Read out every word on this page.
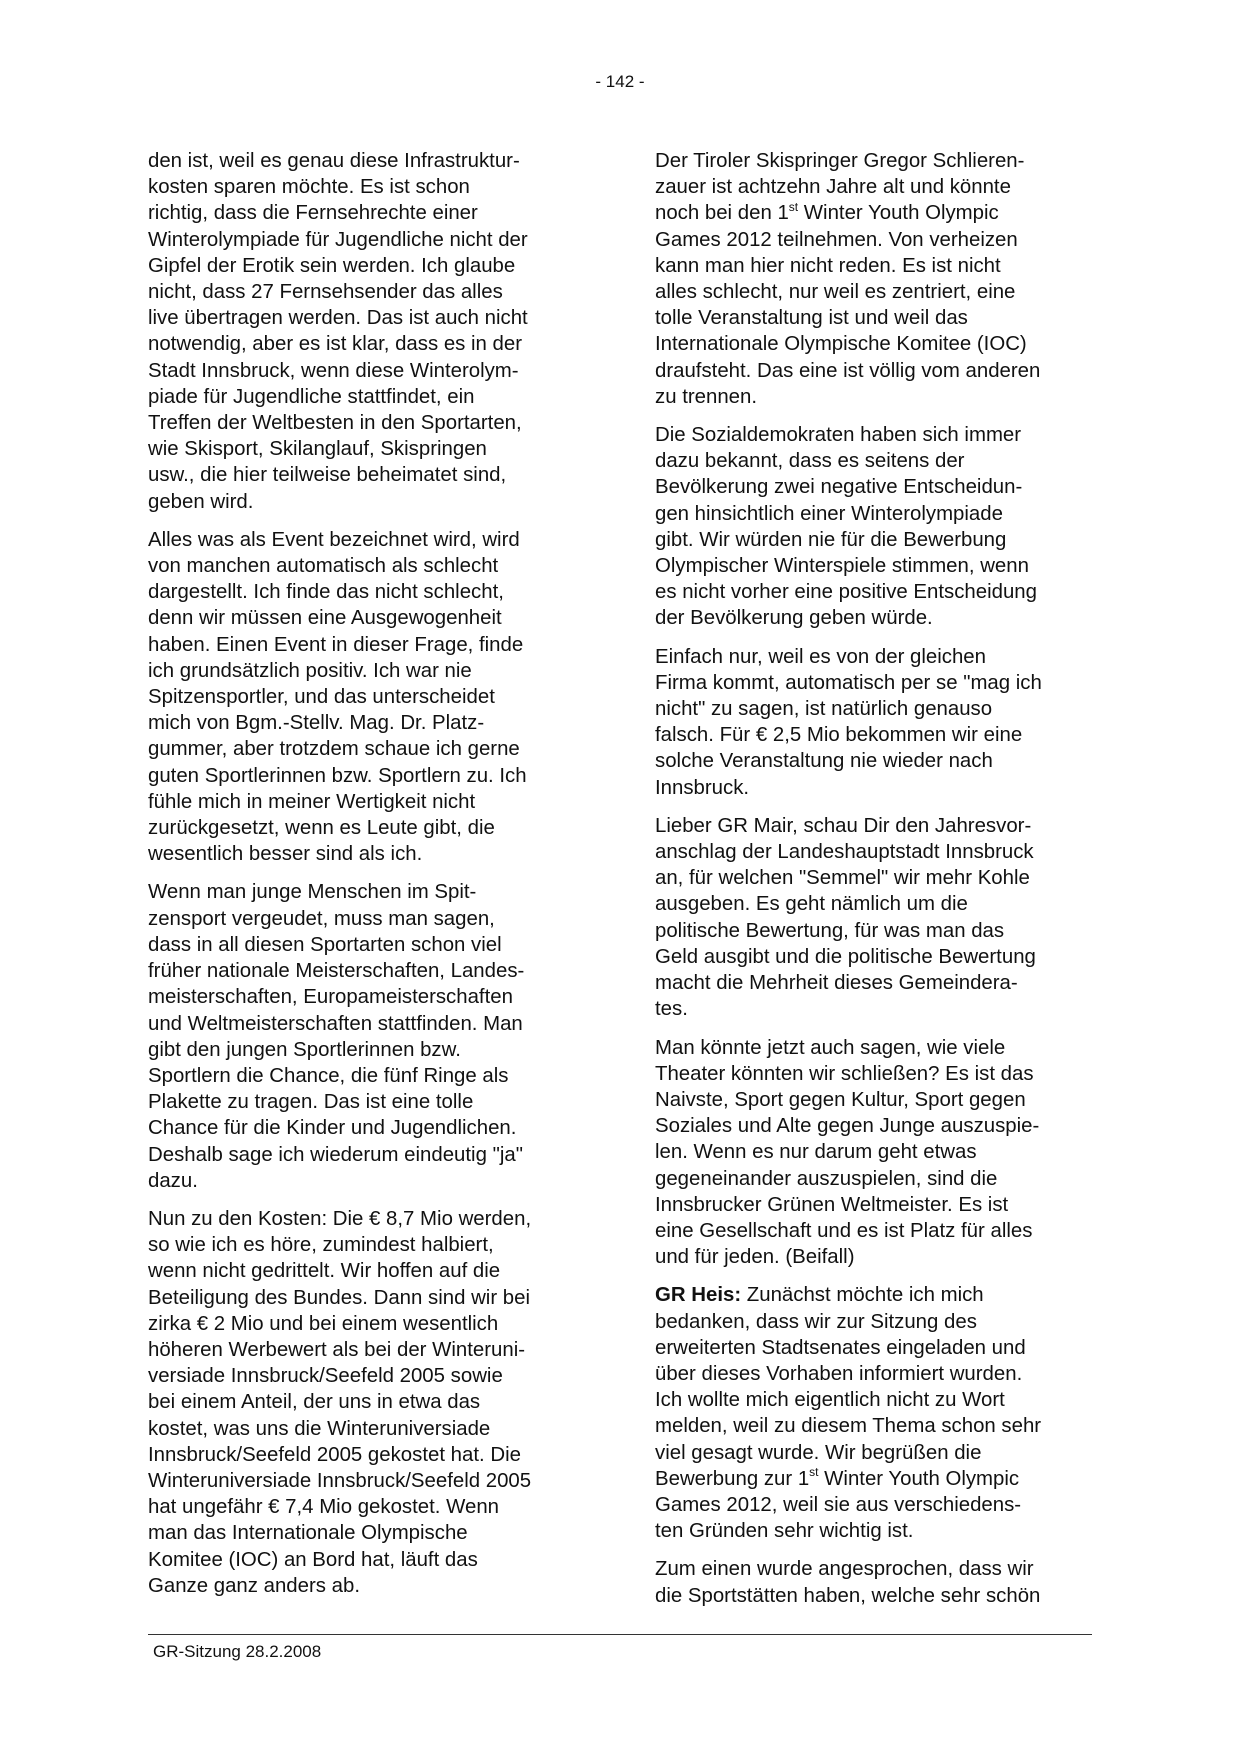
- 142 -

den ist, weil es genau diese Infrastruktur-
kosten sparen möchte. Es ist schon
richtig, dass die Fernsehrechte einer
Winterolympiade für Jugendliche nicht der
Gipfel der Erotik sein werden. Ich glaube
nicht, dass 27 Fernsehsender das alles
live übertragen werden. Das ist auch nicht
notwendig, aber es ist klar, dass es in der
Stadt Innsbruck, wenn diese Winterolym-
piade für Jugendliche stattfindet, ein
Treffen der Weltbesten in den Sportarten,
wie Skisport, Skilanglauf, Skispringen
usw., die hier teilweise beheimatet sind,
geben wird.

Alles was als Event bezeichnet wird, wird
von manchen automatisch als schlecht
dargestellt. Ich finde das nicht schlecht,
denn wir müssen eine Ausgewogenheit
haben. Einen Event in dieser Frage, finde
ich grundsätzlich positiv. Ich war nie
Spitzensportler, und das unterscheidet
mich von Bgm.-Stellv. Mag. Dr. Platz-
gummer, aber trotzdem schaue ich gerne
guten Sportlerinnen bzw. Sportlern zu. Ich
fühle mich in meiner Wertigkeit nicht
zurückgesetzt, wenn es Leute gibt, die
wesentlich besser sind als ich.

Wenn man junge Menschen im Spit-
zensport vergeudet, muss man sagen,
dass in all diesen Sportarten schon viel
früher nationale Meisterschaften, Landes-
meisterschaften, Europameisterschaften
und Weltmeisterschaften stattfinden. Man
gibt den jungen Sportlerinnen bzw.
Sportlern die Chance, die fünf Ringe als
Plakette zu tragen. Das ist eine tolle
Chance für die Kinder und Jugendlichen.
Deshalb sage ich wiederum eindeutig "ja"
dazu.

Nun zu den Kosten: Die € 8,7 Mio werden,
so wie ich es höre, zumindest halbiert,
wenn nicht gedrittelt. Wir hoffen auf die
Beteiligung des Bundes. Dann sind wir bei
zirka € 2 Mio und bei einem wesentlich
höheren Werbewert als bei der Winteruni-
versiade Innsbruck/Seefeld 2005 sowie
bei einem Anteil, der uns in etwa das
kostet, was uns die Winteruniversiade
Innsbruck/Seefeld 2005 gekostet hat. Die
Winteruniversiade Innsbruck/Seefeld 2005
hat ungefähr € 7,4 Mio gekostet. Wenn
man das Internationale Olympische
Komitee (IOC) an Bord hat, läuft das
Ganze ganz anders ab.

Der Tiroler Skispringer Gregor Schlieren-
zauer ist achtzehn Jahre alt und könnte
noch bei den 1st Winter Youth Olympic
Games 2012 teilnehmen. Von verheizen
kann man hier nicht reden. Es ist nicht
alles schlecht, nur weil es zentriert, eine
tolle Veranstaltung ist und weil das
Internationale Olympische Komitee (IOC)
draufsteht. Das eine ist völlig vom anderen
zu trennen.

Die Sozialdemokraten haben sich immer
dazu bekannt, dass es seitens der
Bevölkerung zwei negative Entscheidun-
gen hinsichtlich einer Winterolympiade
gibt. Wir würden nie für die Bewerbung
Olympischer Winterspiele stimmen, wenn
es nicht vorher eine positive Entscheidung
der Bevölkerung geben würde.

Einfach nur, weil es von der gleichen
Firma kommt, automatisch per se "mag ich
nicht" zu sagen, ist natürlich genauso
falsch. Für € 2,5 Mio bekommen wir eine
solche Veranstaltung nie wieder nach
Innsbruck.

Lieber GR Mair, schau Dir den Jahresvor-
anschlag der Landeshauptstadt Innsbruck
an, für welchen "Semmel" wir mehr Kohle
ausgeben. Es geht nämlich um die
politische Bewertung, für was man das
Geld ausgibt und die politische Bewertung
macht die Mehrheit dieses Gemeindera-
tes.

Man könnte jetzt auch sagen, wie viele
Theater könnten wir schließen? Es ist das
Naivste, Sport gegen Kultur, Sport gegen
Soziales und Alte gegen Junge auszuspie-
len. Wenn es nur darum geht etwas
gegeneinander auszuspielen, sind die
Innsbrucker Grünen Weltmeister. Es ist
eine Gesellschaft und es ist Platz für alles
und für jeden. (Beifall)

GR Heis: Zunächst möchte ich mich
bedanken, dass wir zur Sitzung des
erweiterten Stadtsenates eingeladen und
über dieses Vorhaben informiert wurden.
Ich wollte mich eigentlich nicht zu Wort
melden, weil zu diesem Thema schon sehr
viel gesagt wurde. Wir begrüßen die
Bewerbung zur 1st Winter Youth Olympic
Games 2012, weil sie aus verschiedens-
ten Gründen sehr wichtig ist.

Zum einen wurde angesprochen, dass wir
die Sportstätten haben, welche sehr schön

GR-Sitzung 28.2.2008
